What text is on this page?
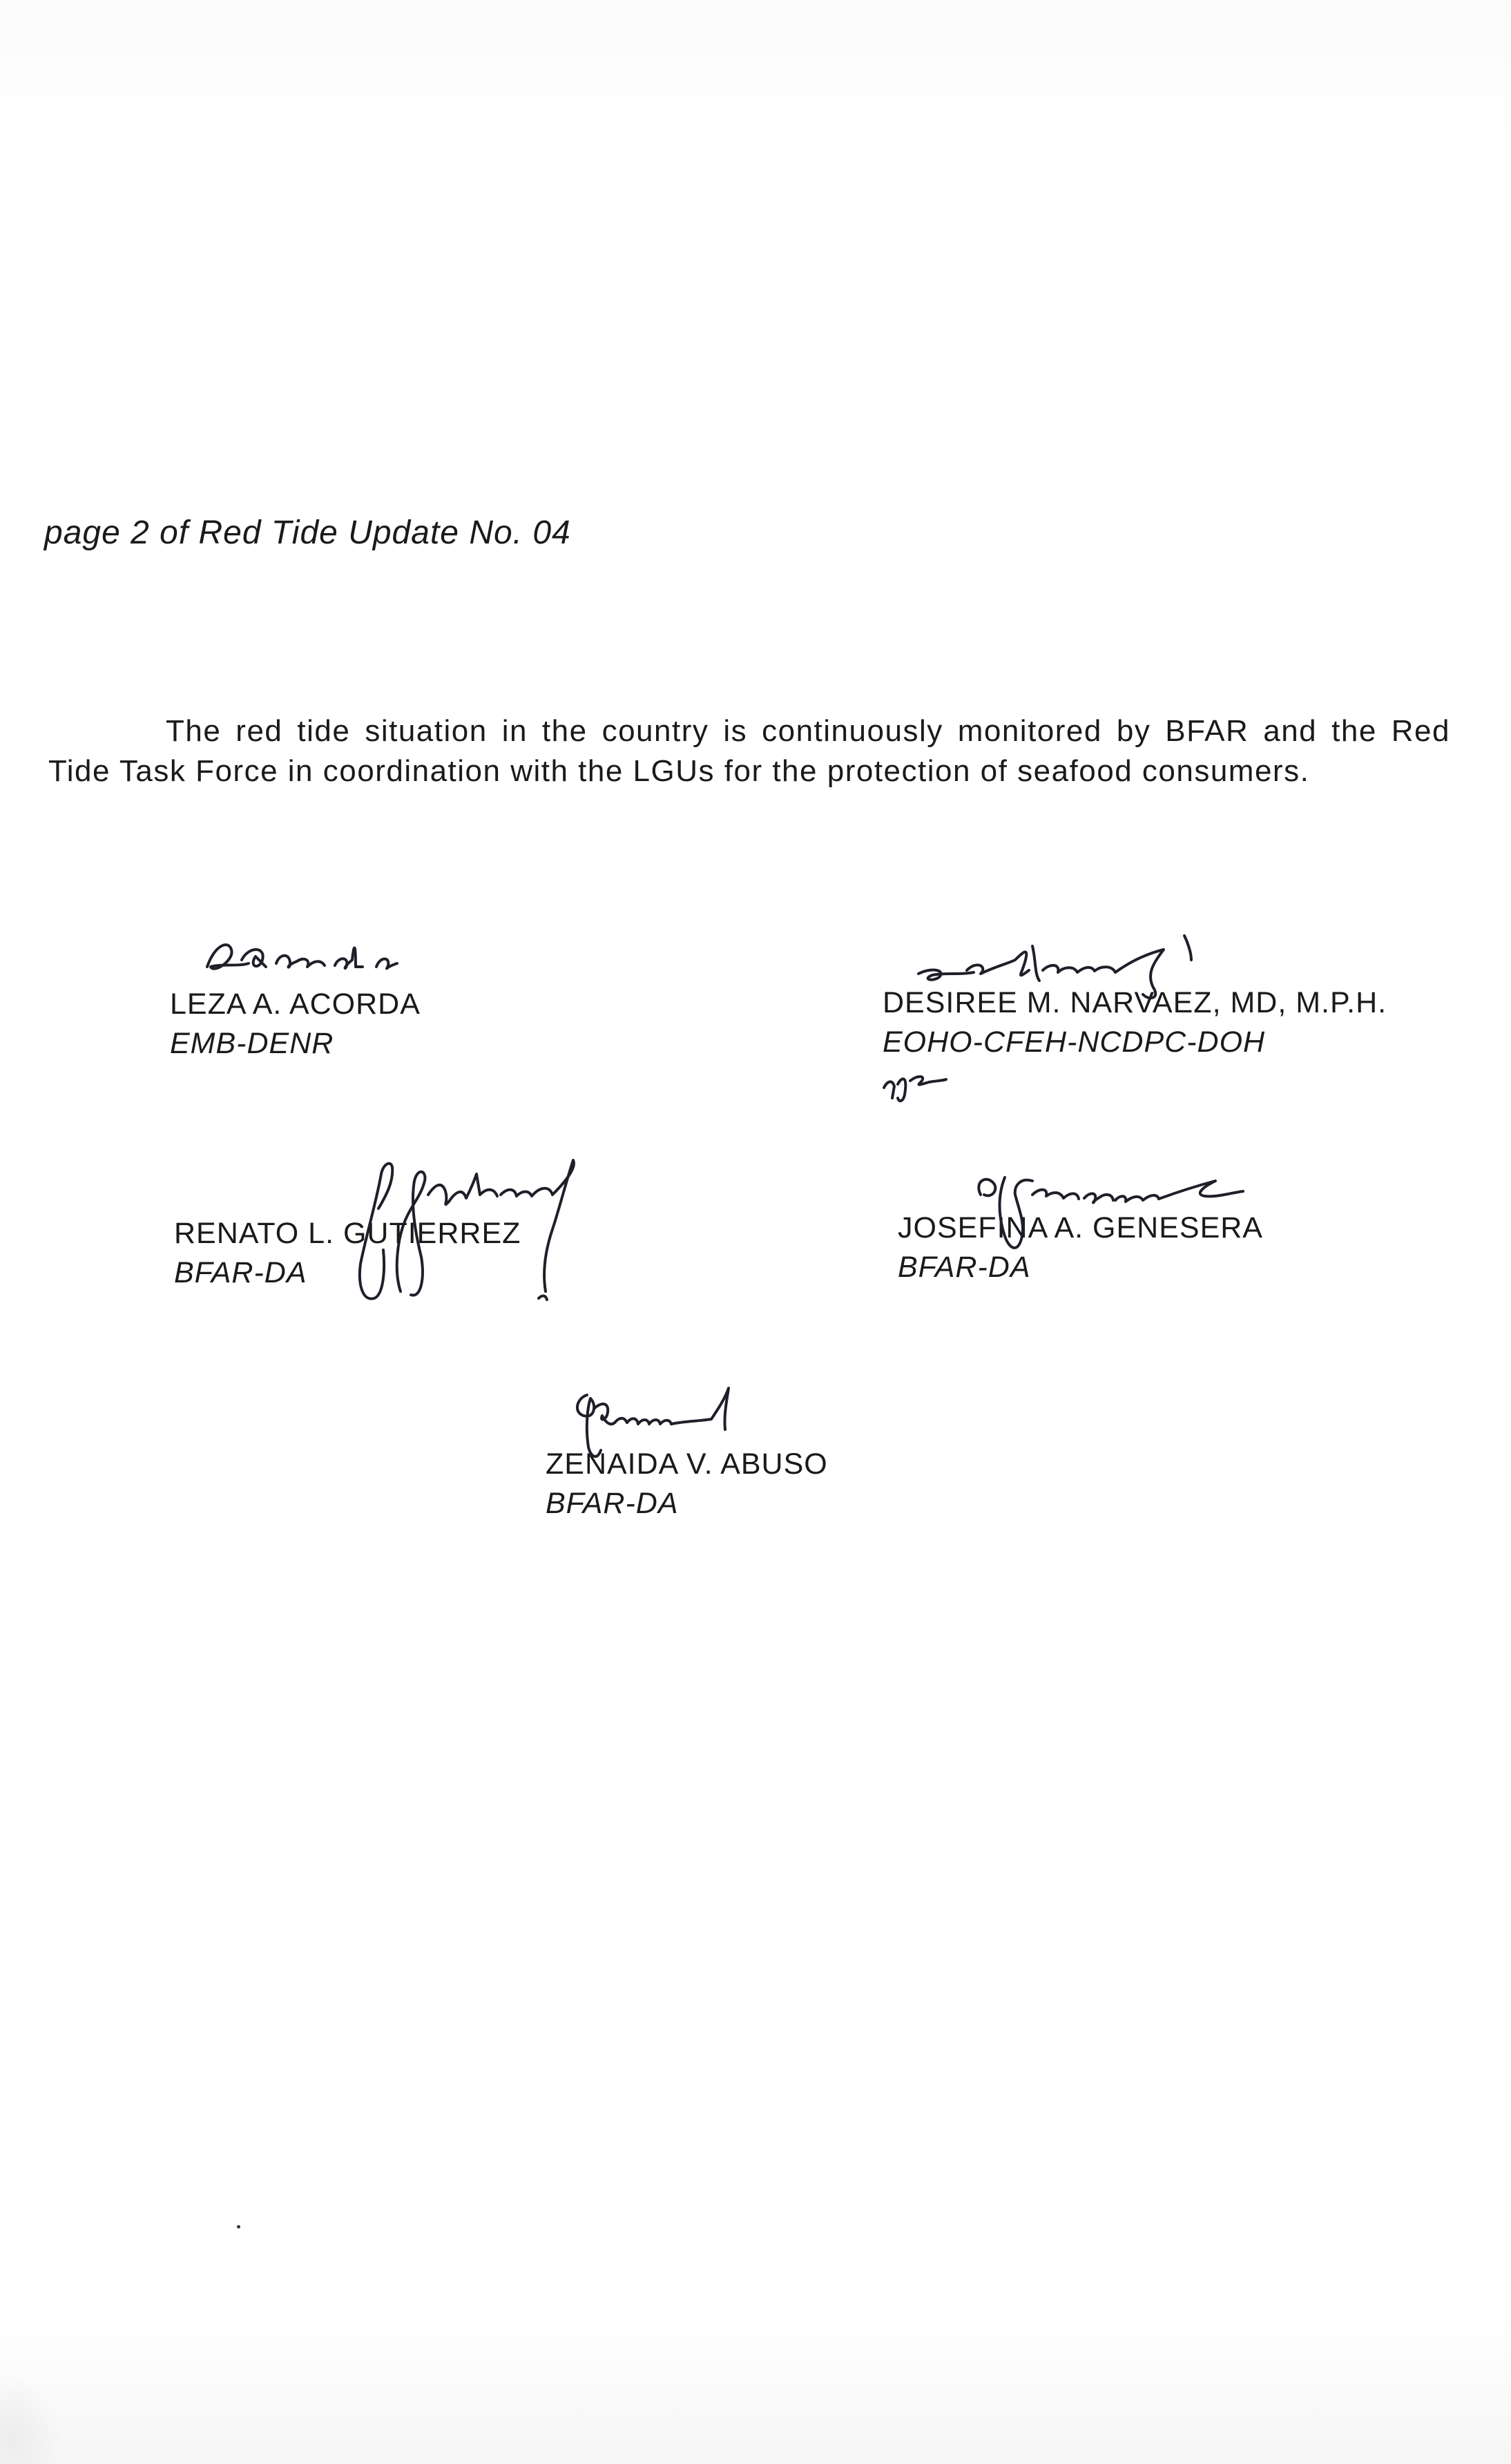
page 2 of Red Tide Update No. 04

The red tide situation in the country is continuously monitored by BFAR and the Red Tide Task Force in coordination with the LGUs for the protection of seafood consumers.

LEZA A. ACORDA
EMB-DENR
DESIREE M. NARVAEZ, MD, M.P.H.
EOHO-CFEH-NCDPC-DOH
RENATO L. GUTIERREZ
BFAR-DA
JOSEFINA A. GENESERA
BFAR-DA
ZENAIDA V. ABUSO
BFAR-DA
